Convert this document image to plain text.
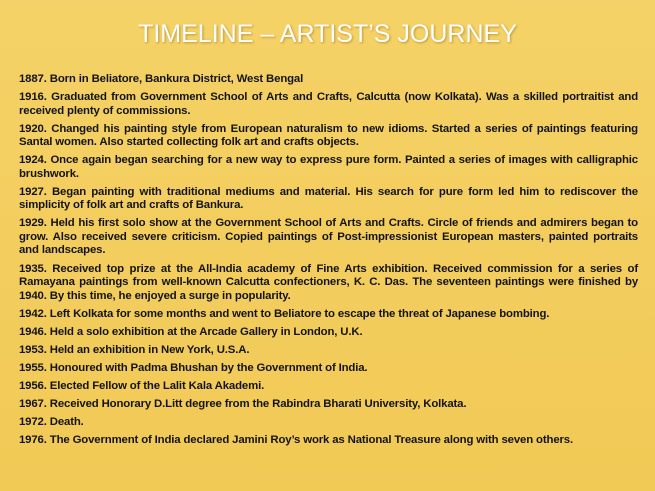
TIMELINE – ARTIST’S JOURNEY
1887. Born in Beliatore, Bankura District, West Bengal
1916. Graduated from Government School of Arts and Crafts, Calcutta (now Kolkata). Was a skilled portraitist and received plenty of commissions.
1920. Changed his painting style from European naturalism to new idioms. Started a series of paintings featuring Santal women. Also started collecting folk art and crafts objects.
1924. Once again began searching for a new way to express pure form. Painted a series of images with calligraphic brushwork.
1927. Began painting with traditional mediums and material. His search for pure form led him to rediscover the simplicity of folk art and crafts of Bankura.
1929. Held his first solo show at the Government School of Arts and Crafts. Circle of friends and admirers began to grow. Also received severe criticism. Copied paintings of Post-impressionist European masters, painted portraits and landscapes.
1935. Received top prize at the All-India academy of Fine Arts exhibition. Received commission for a series of Ramayana paintings from well-known Calcutta confectioners, K. C. Das. The seventeen paintings were finished by 1940. By this time, he enjoyed a surge in popularity.
1942. Left Kolkata for some months and went to Beliatore to escape the threat of Japanese bombing.
1946. Held a solo exhibition at the Arcade Gallery in London, U.K.
1953. Held an exhibition in New York, U.S.A.
1955. Honoured with Padma Bhushan by the Government of India.
1956. Elected Fellow of the Lalit Kala Akademi.
1967. Received Honorary D.Litt degree from the Rabindra Bharati University, Kolkata.
1972. Death.
1976. The Government of India declared Jamini Roy’s work as National Treasure along with seven others.
